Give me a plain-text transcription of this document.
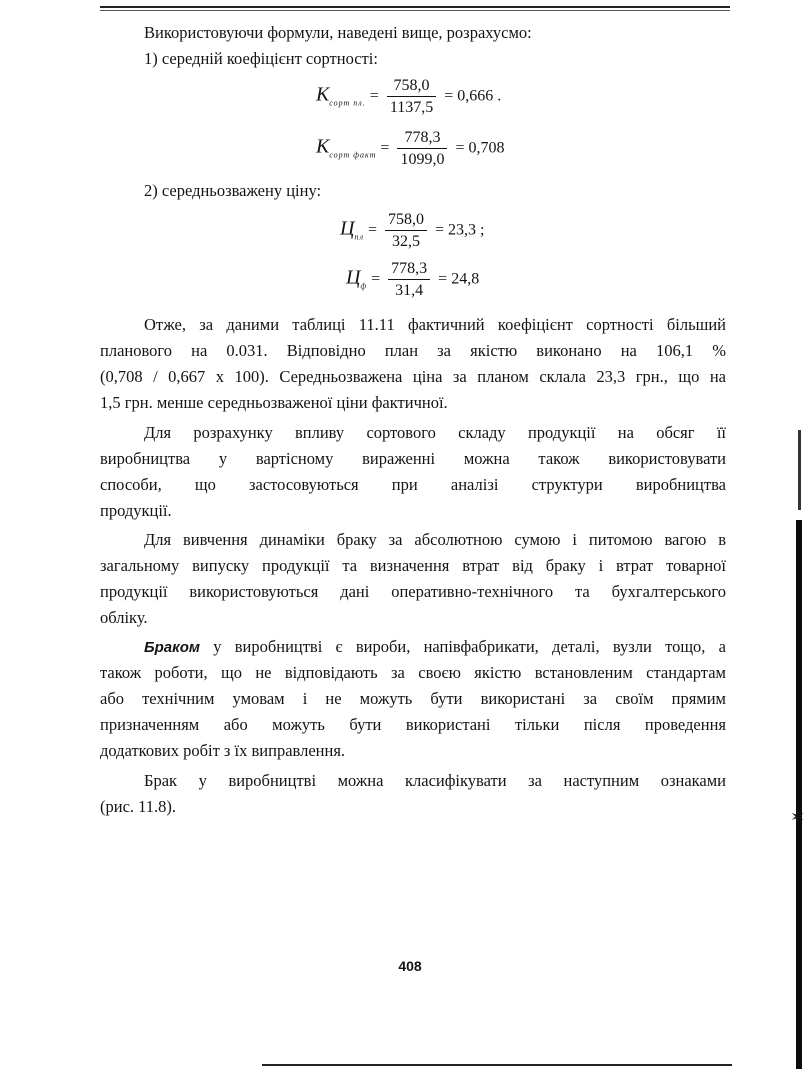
Використовуючи формули, наведені вище, розрахусмо:
1) середній коефіцієнт сортності:
$К_{сорт пл.} = \frac{758,0}{1137,5} = 0,666$ .
$К_{сорт факт} = \frac{778,3}{1099,0} = 0,708$
2) середньозважену ціну:
$Ц_{пл} = \frac{758,0}{32,5} = 23,3$ ;
$Ц_ф = \frac{778,3}{31,4} = 24,8$
Отже, за даними таблиці 11.11 фактичний коефіцієнт сортності більший
планового на 0.031. Відповідно план за якістю виконано на 106,1 %
(0,708 / 0,667 х 100). Середньозважена ціна за планом склала 23,3 грн., що на
1,5 грн. менше середньозваженої ціни фактичної.
Для розрахунку впливу сортового складу продукції на обсяг її
виробництва у вартісному вираженні можна також використовувати
способи, що застосовуються при аналізі структури виробництва
продукції.
Для вивчення динаміки браку за абсолютною сумою і питомою вагою в
загальному випуску продукції та визначення втрат від браку і втрат товарної
продукції використовуються дані оперативно-технічного та бухгалтерського
обліку.
Браком у виробництві є вироби, напівфабрикати, деталі, вузли тощо, а
також роботи, що не відповідають за своєю якістю встановленим стандартам
або технічним умовам і не можуть бути використані за своїм прямим
призначенням або можуть бути використані тільки після проведення
додаткових робіт з їх виправлення.
Брак у виробництві можна класифікувати за наступним ознаками
(рис. 11.8).
408
✶
